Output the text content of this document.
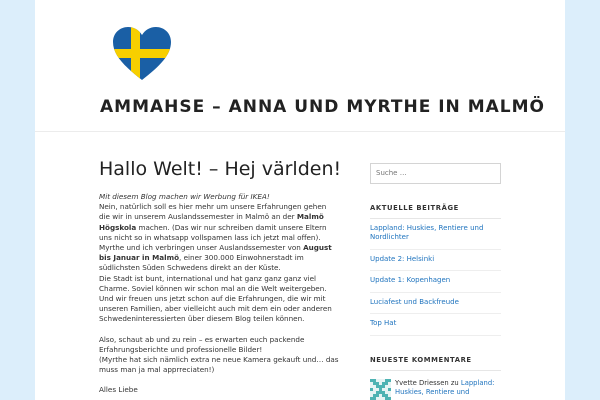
AMMAHSE – ANNA UND MYRTHE IN MALMÖ
Hallo Welt! – Hej världen!

Mit diesem Blog machen wir Werbung für IKEA!
Nein, natürlich soll es hier mehr um unsere Erfahrungen gehen die wir in unserem Auslandssemester in Malmö an der Malmö Högskola machen. (Das wir nur schreiben damit unsere Eltern uns nicht so in whatsapp vollspamen lass ich jetzt mal offen).
Myrthe und ich verbringen unser Auslandssemester von August bis Januar in Malmö, einer 300.000 Einwohnerstadt im südlichsten Süden Schwedens direkt an der Küste.
Die Stadt ist bunt, international und hat ganz ganz ganz viel Charme. Soviel können wir schon mal an die Welt weitergeben. Und wir freuen uns jetzt schon auf die Erfahrungen, die wir mit unseren Familien, aber vielleicht auch mit dem ein oder anderen Schwedeninteressierten über diesem Blog teilen können.

Also, schaut ab und zu rein – es erwarten euch packende Erfahrungsberichte und professionelle Bilder!
(Myrthe hat sich nämlich extra ne neue Kamera gekauft und… das muss man ja mal apprreciaten!)

Alles Liebe

Suche …
AKTUELLE BEITRÄGE
Lappland: Huskies, Rentiere und Nordlichter
Update 2: Helsinki
Update 1: Kopenhagen
Luciafest und Backfreude
Top Hat
NEUESTE KOMMENTARE
Yvette Driessen zu Lappland: Huskies, Rentiere und
